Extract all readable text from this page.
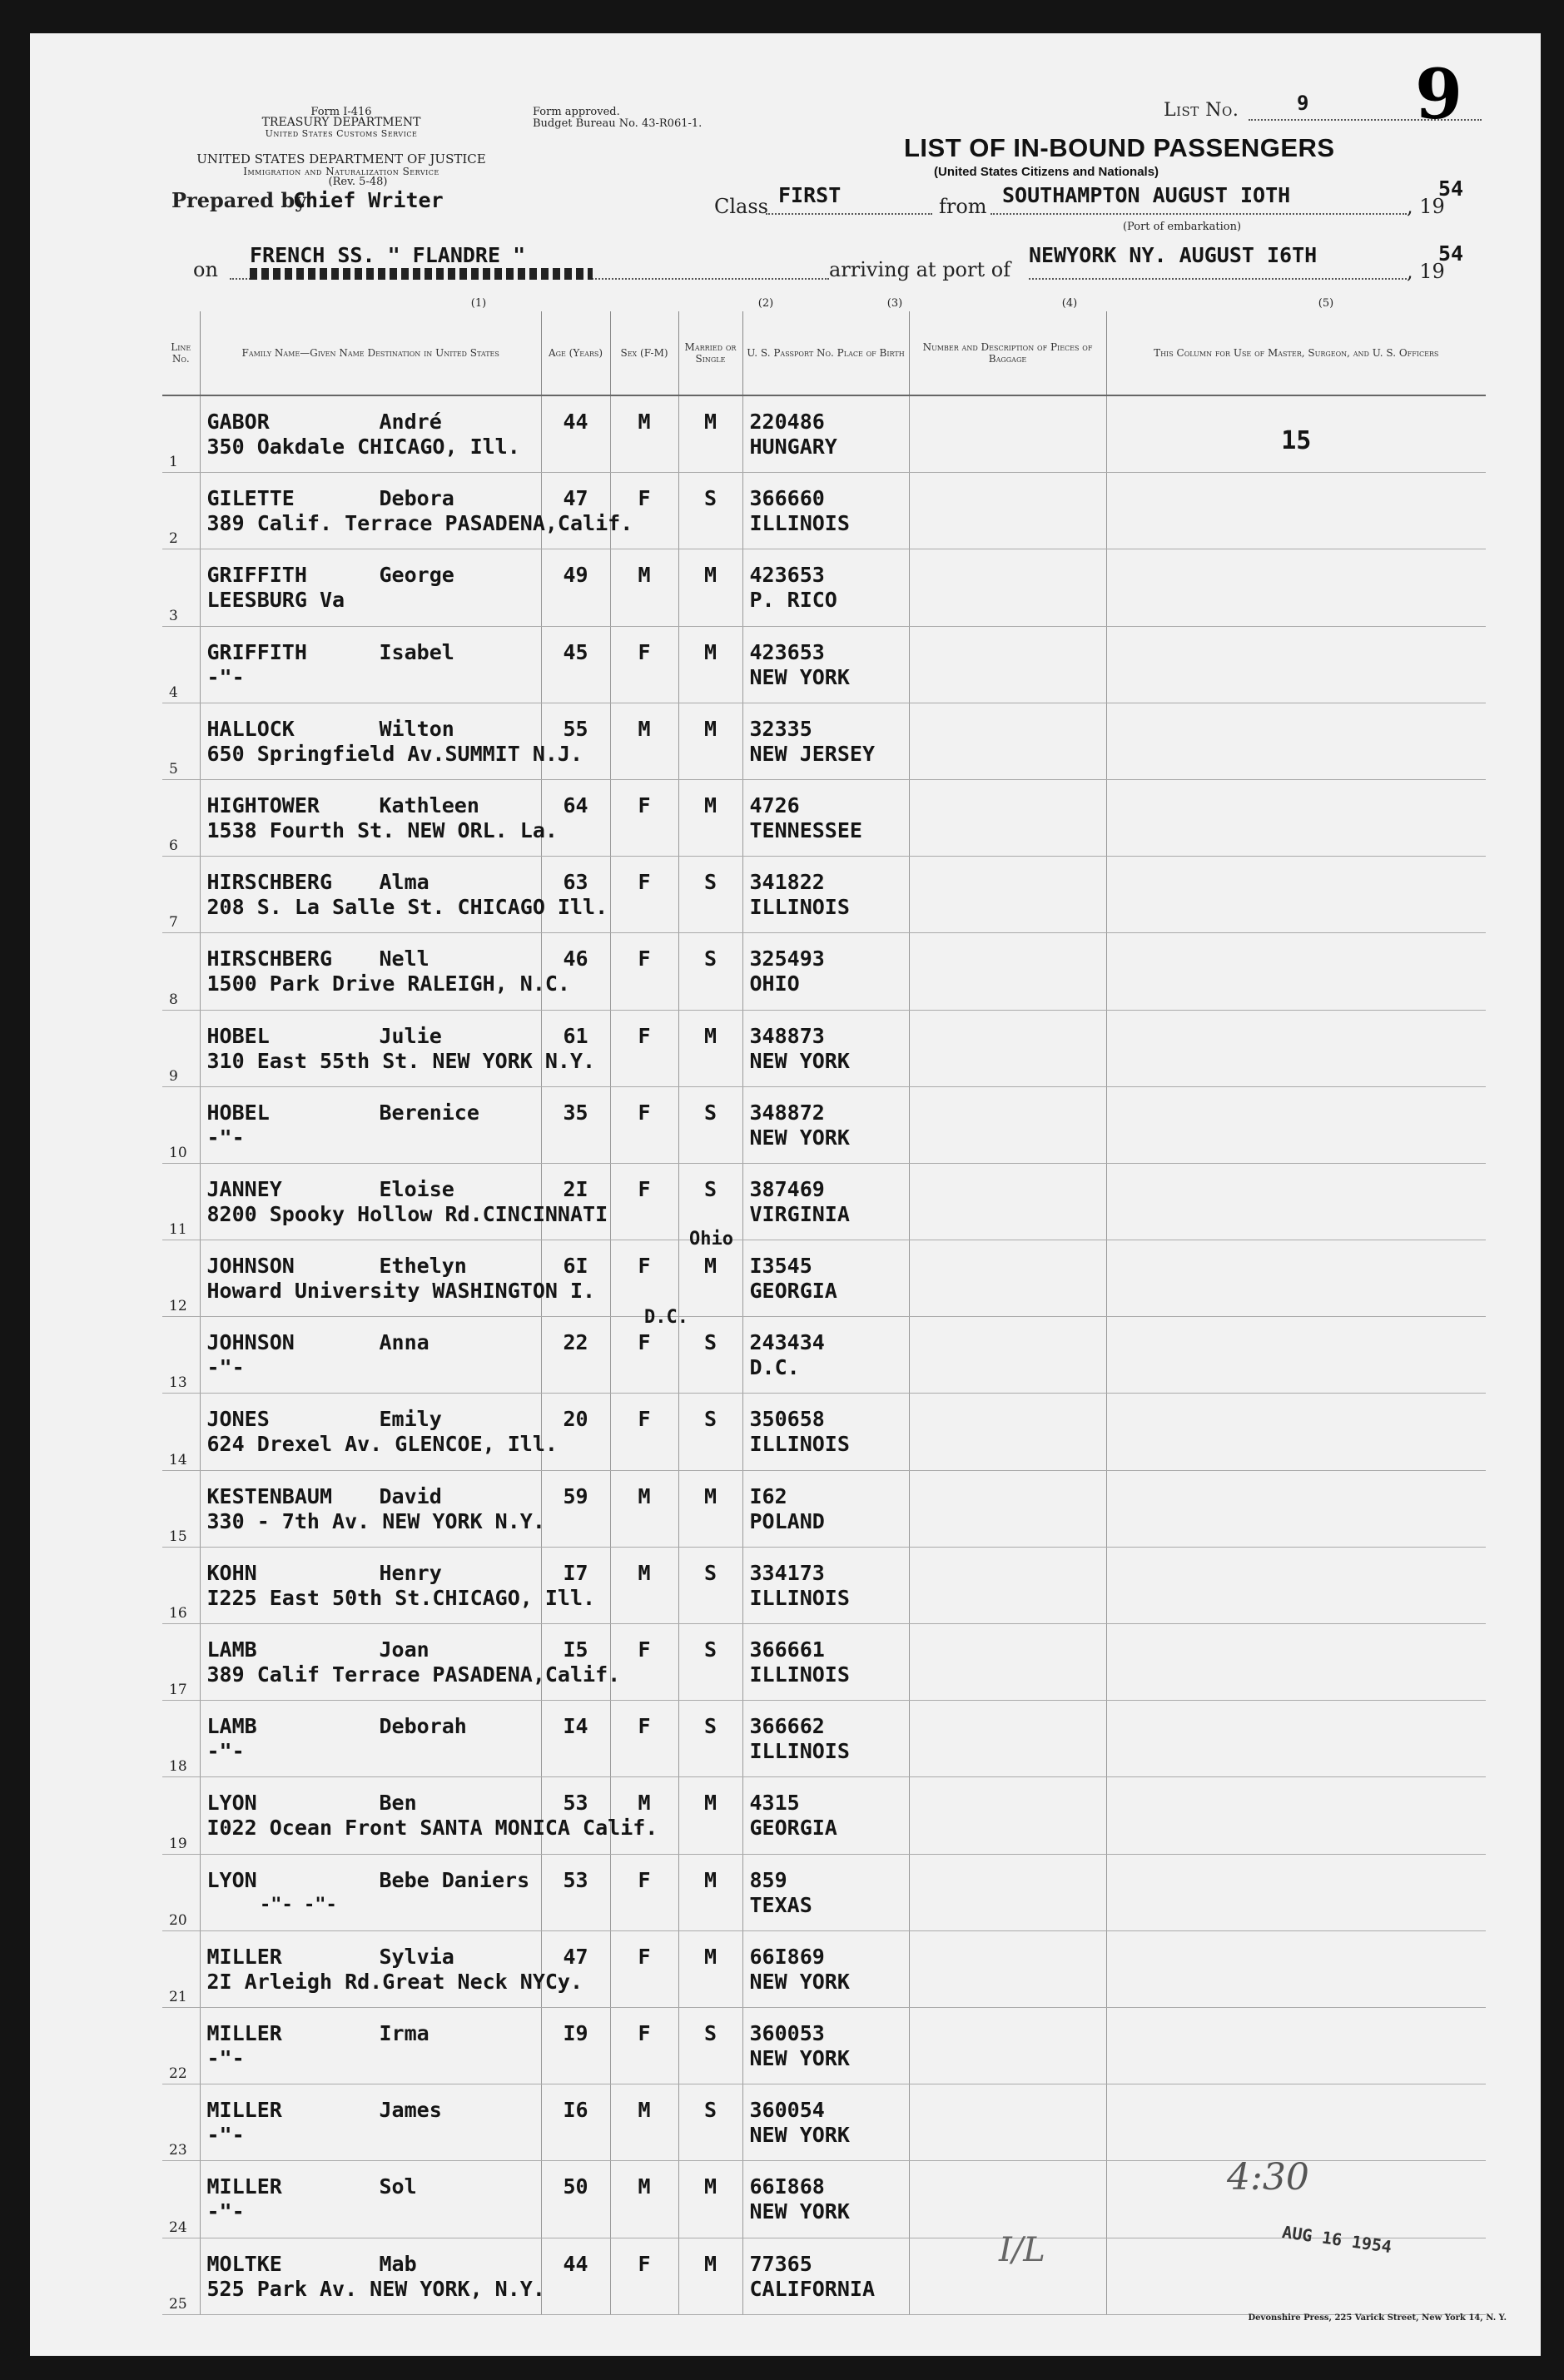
Form I-416
TREASURY DEPARTMENT
United States Customs Service
Form approved.
Budget Bureau No. 43-R061-1.
UNITED STATES DEPARTMENT OF JUSTICE
Immigration and Naturalization Service
(Rev. 5-48)
Prepared by
Chief Writer
List No.	9 9
LIST OF IN-BOUND PASSENGERS
(United States Citizens and Nationals)
Class FIRST	from SOUTHAMPTON AUGUST IOTH	, 19
54
(Port of embarkation)
on
FRENCH SS. " FLANDRE "
arriving at port of
NEWYORK NY. AUGUST I6TH
, 19
54
(1)	(2)	(3)	(4)	(5)
Line No.	Family Name—Given Name Destination in United States	Age (Years)	Sex (F-M)	Married or Single	U. S. Passport No. Place of Birth	Number and Description of Pieces of Baggage	This Column for Use of Master, Surgeon, and U. S. Officers

1	GABOR André
350 Oakdale CHICAGO, Ill.	44	M	M	220486
HUNGARY		15

2	GILETTE Debora
389 Calif. Terrace PASADENA,Calif.	47	F	S	366660
ILLINOIS		

3	GRIFFITH George
LEESBURG Va	49	M	M	423653
P. RICO		

4	GRIFFITH Isabel
-"-	45	F	M	423653
NEW YORK		

5	HALLOCK Wilton
650 Springfield Av.SUMMIT N.J.	55	M	M	32335
NEW JERSEY		

6	HIGHTOWER Kathleen
1538 Fourth St. NEW ORL. La.	64	F	M	4726
TENNESSEE		

7	HIRSCHBERG Alma
208 S. La Salle St. CHICAGO Ill.	63	F	S	341822
ILLINOIS		

8	HIRSCHBERG Nell
1500 Park Drive RALEIGH, N.C.	46	F	S	325493
OHIO		

9	HOBEL Julie
310 East 55th St. NEW YORK N.Y.	61	F	M	348873
NEW YORK		

10	HOBEL Berenice
-"-	35	F	S	348872
NEW YORK		

11	JANNEY Eloise
8200 Spooky Hollow Rd.CINCINNATI	2I	F	S	387469
VIRGINIA		

12	JOHNSON Ethelyn
Howard University WASHINGTON I.	6I	F	M	I3545
GEORGIA		

13	JOHNSON Anna
-"-	22	F	S	243434
D.C.		

14	JONES Emily
624 Drexel Av. GLENCOE, Ill.	20	F	S	350658
ILLINOIS		

15	KESTENBAUM David
330 - 7th Av. NEW YORK N.Y.	59	M	M	I62
POLAND		

16	KOHN Henry
I225 East 50th St.CHICAGO, Ill.	I7	M	S	334173
ILLINOIS		

17	LAMB Joan
389 Calif Terrace PASADENA,Calif.	I5	F	S	366661
ILLINOIS		

18	LAMB Deborah
-"-	I4	F	S	366662
ILLINOIS		

19	LYON Ben
I022 Ocean Front SANTA MONICA Calif.	53	M	M	4315
GEORGIA		

20	LYON Bebe Daniers	53	F	M	859
TEXAS		

21	MILLER Sylvia
2I Arleigh Rd.Great Neck NYCy.	47	F	M	66I869
NEW YORK		

22	MILLER Irma
-"-	I9	F	S	360053
NEW YORK		

23	MILLER James
-"-	I6	M	S	360054
NEW YORK		

24	MILLER Sol
-"-	50	M	M	66I868
NEW YORK		

25	MOLTKE Mab
525 Park Av. NEW YORK, N.Y.	44	F	M	77365
CALIFORNIA		

Ohio
D.C.
-"- -"-
4:30
AUG 16 1954
I/L
Devonshire Press, 225 Varick Street, New York 14, N. Y.
